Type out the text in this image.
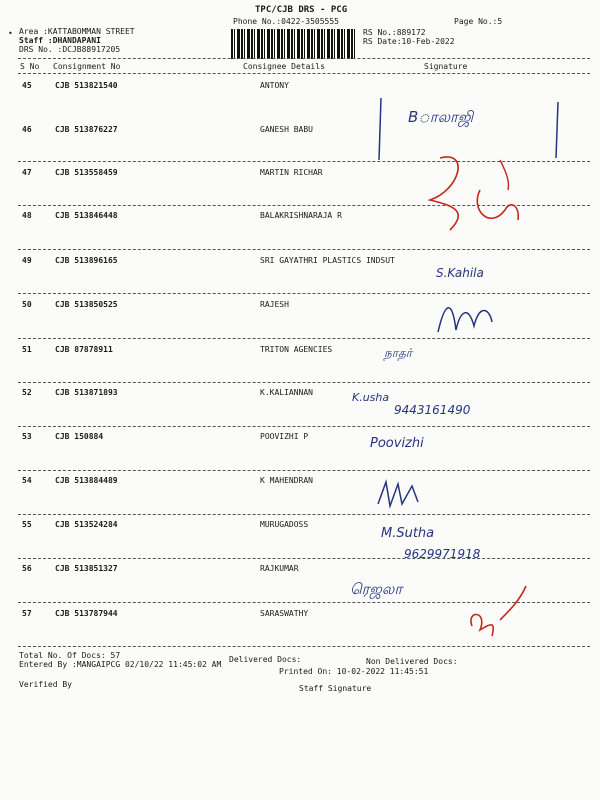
TPC/CJB DRS - PCG
Phone No.:0422-3505555	Page No.:5
• Area :KATTABOMMAN STREET
Staff :DHANDAPANI
DRS No. :DCJB88917205
RS No.:889172
RS Date:10-Feb-2022
S No Consignment No	Consignee Details	Signature
45	CJB 513821540	ANTONY
46	CJB 513876227	GANESH BABU
47	CJB 513558459	MARTIN RICHAR
48	CJB 513846448	BALAKRISHNARAJA R
49	CJB 513896165	SRI GAYATHRI PLASTICS INDSUT
50	CJB 513850525	RAJESH
51	CJB 87878911	TRITON AGENCIES
52	CJB 513871893	K.KALIANNAN
53	CJB 150884	POOVIZHI P
54	CJB 513884489	K MAHENDRAN
55	CJB 513524284	MURUGADOSS
56	CJB 513851327	RAJKUMAR
57	CJB 513787944	SARASWATHY
Total No. Of Docs: 57	Delivered Docs:	Non Delivered Docs:
Entered By :MANGAIPCG 02/10/22 11:45:02 AM
Printed On: 10-02-2022 11:45:51
Verified By	Staff Signature
Bாலாஜி
S.Kahila
நாதர்
K.usha
9443161490
Poovizhi
M.Sutha
9629971918
ரெஜலா
